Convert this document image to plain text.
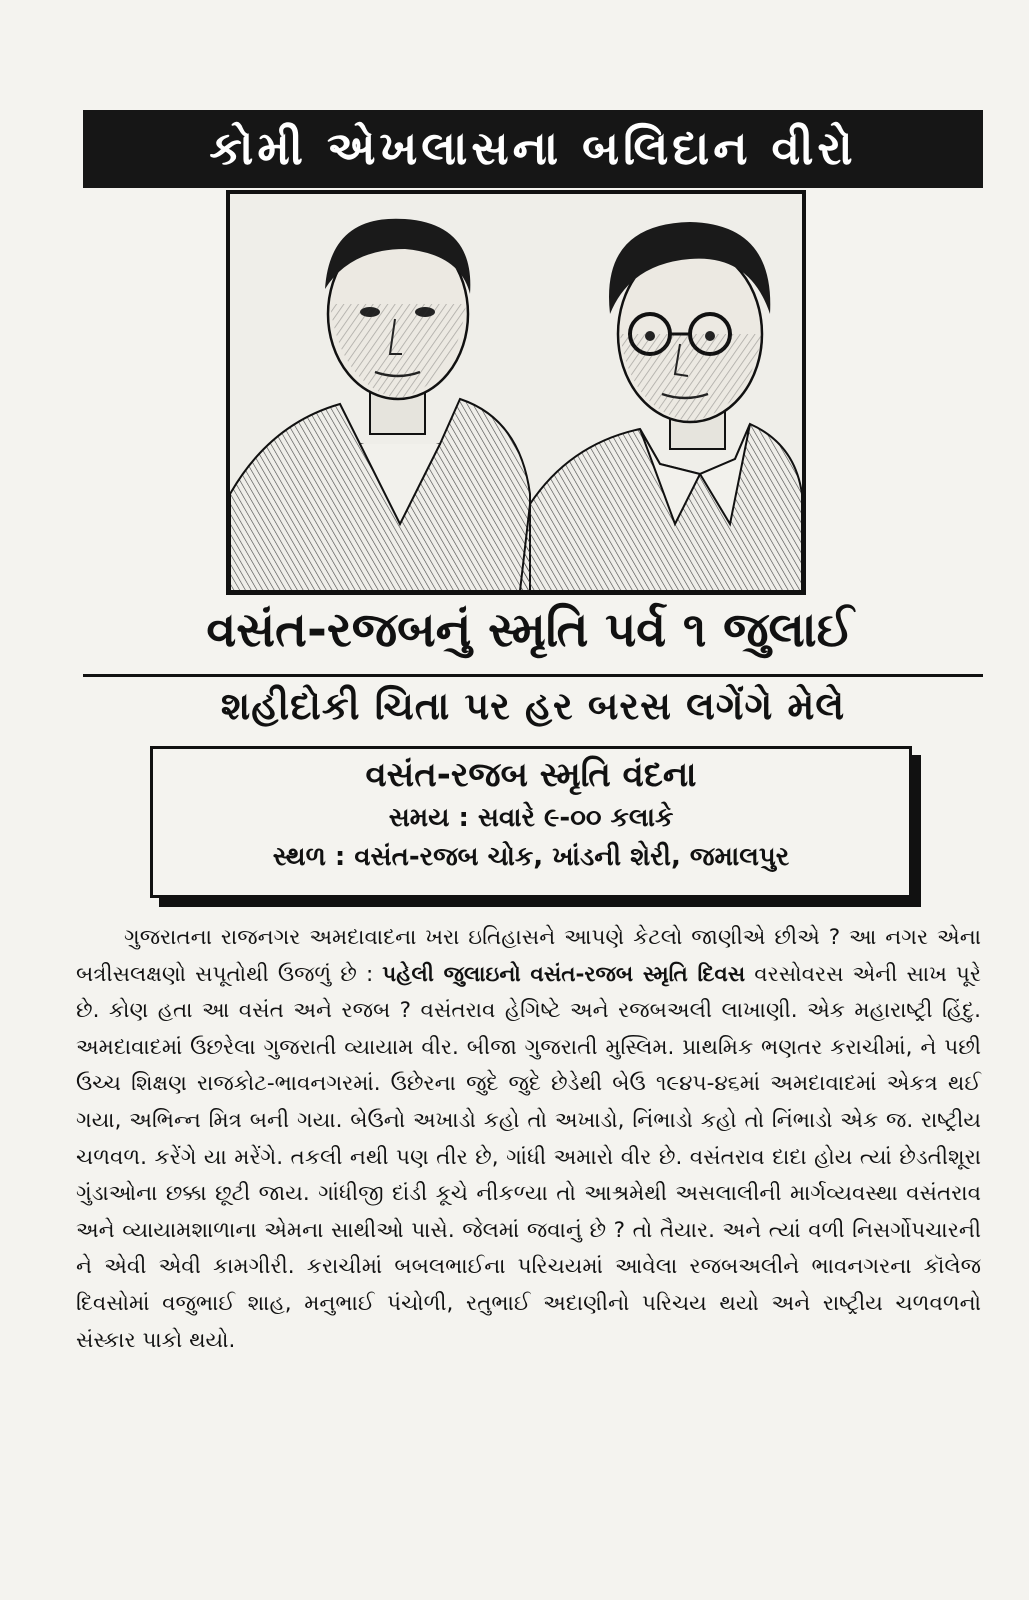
કોમી એખલાસના બલિદાન વીરો
વસંત-રજબનું સ્મૃતિ પર્વ ૧ જુલાઈ
શહીદોકી ચિતા પર હર બરસ લગેંગે મેલે
વસંત-રજબ સ્મૃતિ વંદના
સમય : સવારે ૯-૦૦ કલાકે
સ્થળ : વસંત-રજબ ચોક, ખાંડની શેરી, જમાલપુર
ગુજરાતના રાજનગર અમદાવાદના ખરા ઇતિહાસને આપણે કેટલો જાણીએ છીએ ? આ નગર એના બત્રીસલક્ષણો સપૂતોથી ઉજળું છે : પહેલી જુલાઇનો વસંત-રજબ સ્મૃતિ દિવસ વરસોવરસ એની સાખ પૂરે છે. કોણ હતા આ વસંત અને રજબ ? વસંતરાવ હેગિષ્ટે અને રજબઅલી લાખાણી. એક મહારાષ્ટ્રી હિંદુ. અમદાવાદમાં ઉછરેલા ગુજરાતી વ્યાયામ વીર. બીજા ગુજરાતી મુસ્લિમ. પ્રાથમિક ભણતર કરાચીમાં, ને પછી ઉચ્ચ શિક્ષણ રાજકોટ-ભાવનગરમાં. ઉછેરના જુદે જુદે છેડેથી બેઉ ૧૯૪૫-૪૬માં અમદાવાદમાં એકત્ર થઈ ગયા, અભિન્ન મિત્ર બની ગયા. બેઉનો અખાડો કહો તો અખાડો, નિંભાડો કહો તો નિંભાડો એક જ. રાષ્ટ્રીય ચળવળ. કરેંગે યા મરેંગે. તકલી નથી પણ તીર છે, ગાંધી અમારો વીર છે. વસંતરાવ દાદા હોય ત્યાં છેડતીશૂરા ગુંડાઓના છક્કા છૂટી જાય. ગાંધીજી દાંડી કૂચે નીકળ્યા તો આશ્રમેથી અસલાલીની માર્ગવ્યવસ્થા વસંતરાવ અને વ્યાયામશાળાના એમના સાથીઓ પાસે. જેલમાં જવાનું છે ? તો તૈયાર. અને ત્યાં વળી નિસર્ગોપચારની ને એવી એવી કામગીરી. કરાચીમાં બબલભાઈના પરિચયમાં આવેલા રજબઅલીને ભાવનગરના કૉલેજ દિવસોમાં વજુભાઈ શાહ, મનુભાઈ પંચોળી, રતુભાઈ અદાણીનો પરિચય થયો અને રાષ્ટ્રીય ચળવળનો સંસ્કાર પાકો થયો.
